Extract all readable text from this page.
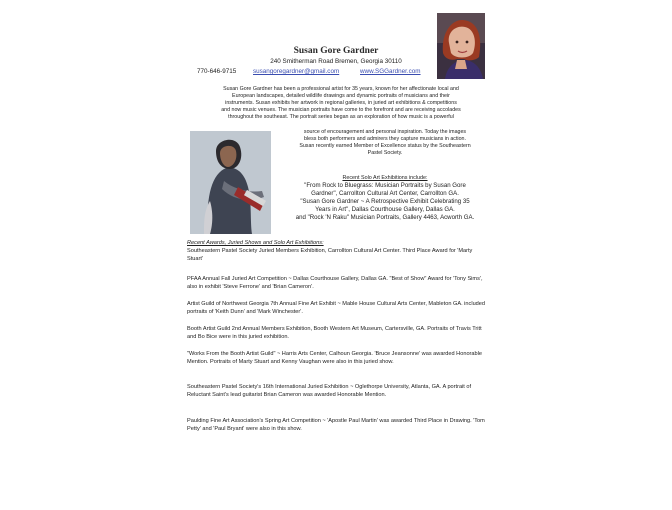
Susan Gore Gardner
240 Smitherman Road Bremen, Georgia 30110
770-646-9715	susangoregardner@gmail.com	www.SGGardner.com
Susan Gore Gardner has been a professional artist for 35 years, known for her affectionate local and
European landscapes, detailed wildlife drawings and dynamic portraits of musicians and their
instruments. Susan exhibits her artwork in regional galleries, in juried art exhibitions & competitions
and now music venues. The musician portraits have come to the forefront and are receiving accolades
throughout the southeast. The portrait series began as an exploration of how music is a powerful
source of encouragement and personal inspiration. Today the images
bless both performers and admirers they capture musicians in action.
Susan recently earned Member of Excellence status by the Southeastern
Pastel Society.
Recent Solo Art Exhibitions include:
"From Rock to Bluegrass: Musician Portraits by Susan Gore
Gardner", Carrollton Cultural Art Center, Carrollton GA.
"Susan Gore Gardner ~ A Retrospective Exhibit Celebrating 35
Years in Art", Dallas Courthouse Gallery, Dallas GA.
and "Rock 'N Raku" Musician Portraits, Gallery 4463, Acworth GA.
Recent Awards, Juried Shows and Solo Art Exhibitions:
Southeastern Pastel Society Juried Members Exhibition, Carrollton Cultural Art Center. Third Place Award for 'Marty Stuart'
PFAA Annual Fall Juried Art Competition ~ Dallas Courthouse Gallery, Dallas GA. "Best of Show" Award for 'Tony Sims', also in exhibit 'Steve Ferrone' and 'Brian Cameron'.
Artist Guild of Northwest Georgia 7th Annual Fine Art Exhibit ~ Mable House Cultural Arts Center, Mableton GA. included portraits of 'Keith Dunn' and 'Mark Winchester'.
Booth Artist Guild 2nd Annual Members Exhibition, Booth Western Art Museum, Cartersville, GA. Portraits of Travis Tritt and Bo Bice were in this juried exhibition.
"Works From the Booth Artist Guild" ~ Harris Arts Center, Calhoun Georgia. 'Bruce Jeansonne' was awarded Honorable Mention. Portraits of Marty Stuart and Kenny Vaughan were also in this juried show.
Southeastern Pastel Society's 16th International Juried Exhibition ~ Oglethorpe University, Atlanta, GA. A portrait of Reluctant Saint's lead guitarist Brian Cameron was awarded Honorable Mention.
Paulding Fine Art Association's Spring Art Competition ~ 'Apostle Paul Martin' was awarded Third Place in Drawing. 'Tom Petty' and 'Paul Bryant' were also in this show.
